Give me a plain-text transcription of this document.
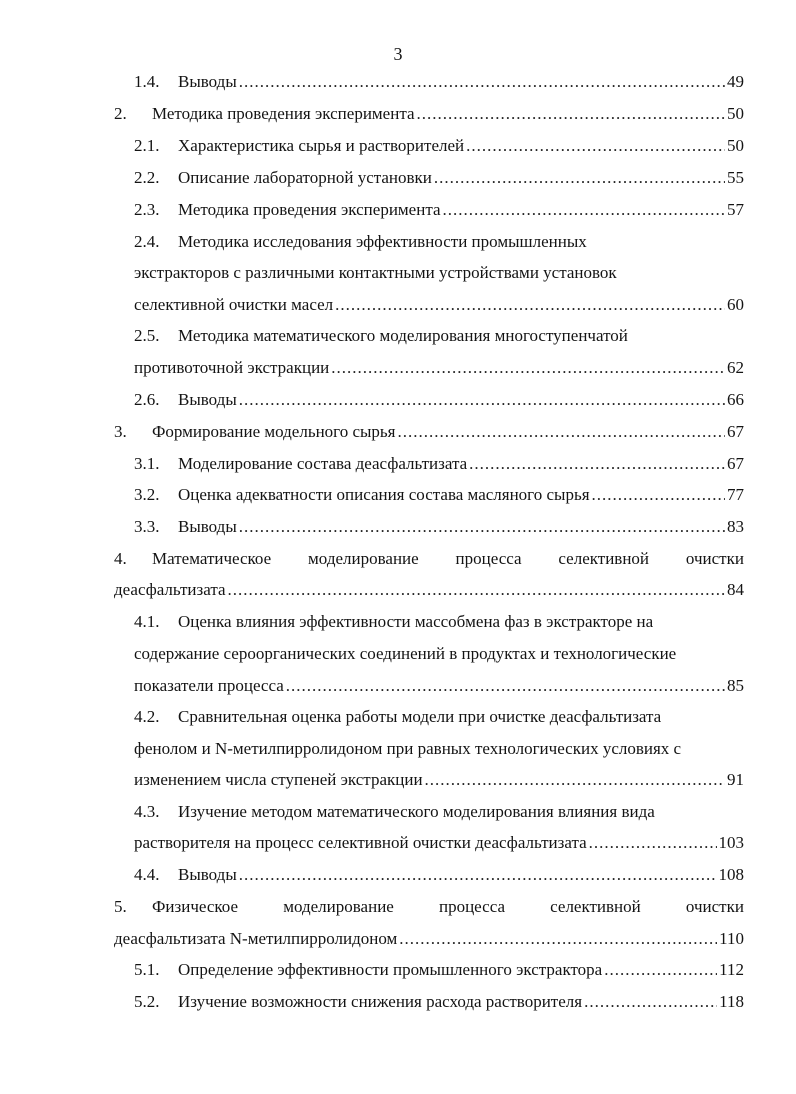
3
1.4. Выводы .....	49
2. Методика проведения эксперимента .....	50
2.1. Характеристика сырья и растворителей .....	50
2.2. Описание лабораторной установки .....	55
2.3. Методика проведения эксперимента .....	57
2.4. Методика исследования эффективности промышленных
экстракторов с различными контактными устройствами установок
селективной очистки масел .....	60
2.5. Методика математического моделирования многоступенчатой
противоточной экстракции .....	62
2.6. Выводы .....	66
3. Формирование модельного сырья .....	67
3.1. Моделирование состава деасфальтизата .....	67
3.2. Оценка адекватности описания состава масляного сырья .....	77
3.3. Выводы .....	83
4. Математическое моделирование процесса селективной очистки
деасфальтизата .....	84
4.1. Оценка влияния эффективности массобмена фаз в экстракторе на
содержание сероорганических соединений в продуктах и технологические
показатели процесса .....	85
4.2. Сравнительная оценка работы модели при очистке деасфальтизата
фенолом и N-метилпирролидоном при равных технологических условиях с
изменением числа ступеней экстракции .....	91
4.3. Изучение методом математического моделирования влияния вида
растворителя на процесс селективной очистки деасфальтизата .....	103
4.4. Выводы .....	108
5. Физическое	моделирование	процесса	селективной	очистки
деасфальтизата N-метилпирролидоном .....	110
5.1. Определение эффективности промышленного экстрактора .....	112
5.2. Изучение возможности снижения расхода растворителя .....	118
